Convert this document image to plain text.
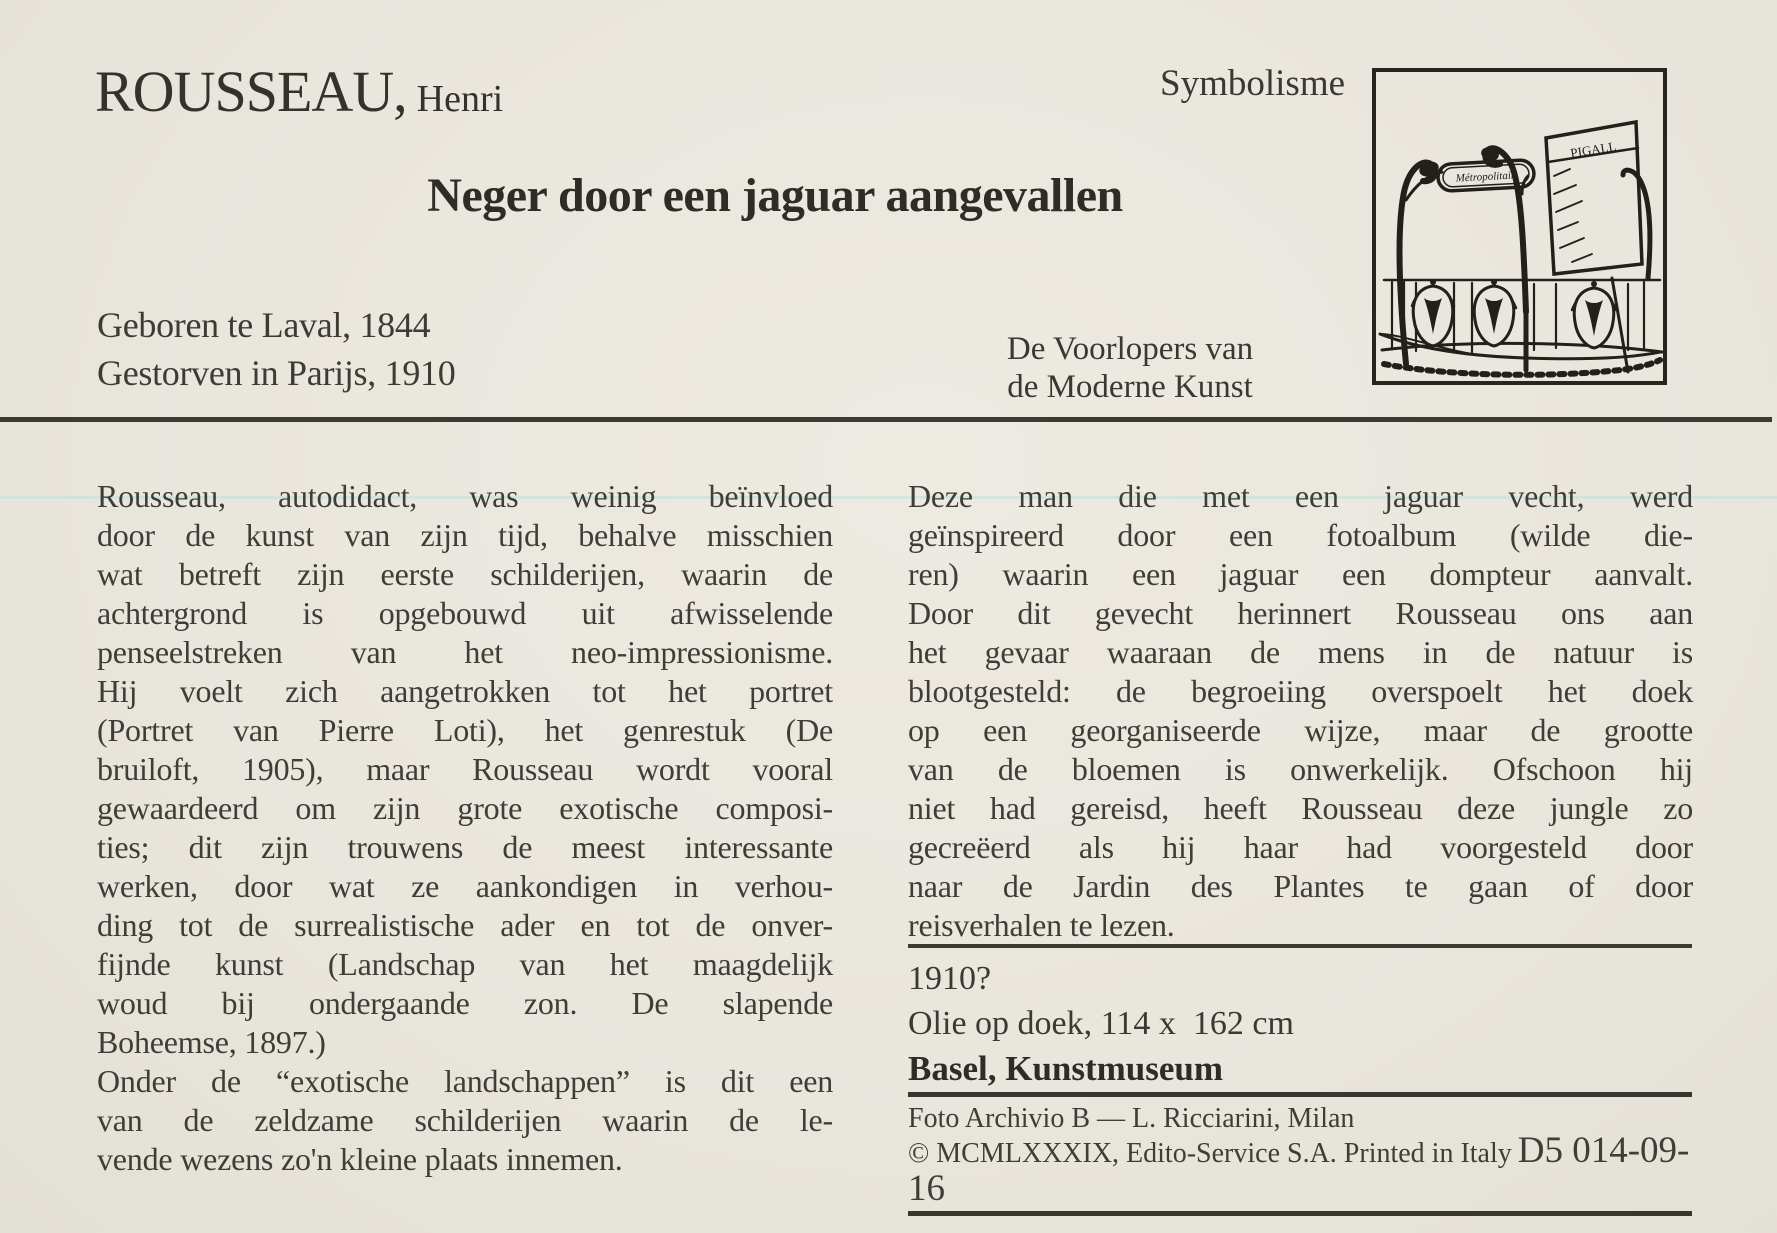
ROUSSEAU, Henri	Symbolisme
Métropolitain
PIGALL
Neger door een jaguar aangevallen
Geboren te Laval, 1844
Gestorven in Parijs, 1910
De Voorlopers van
de Moderne Kunst
Rousseau, autodidact, was weinig beïnvloed
door de kunst van zijn tijd, behalve misschien
wat betreft zijn eerste schilderijen, waarin de
achtergrond is opgebouwd uit afwisselende
penseelstreken van het neo-impressionisme.
Hij voelt zich aangetrokken tot het portret
(Portret van Pierre Loti), het genrestuk (De
bruiloft, 1905), maar Rousseau wordt vooral
gewaardeerd om zijn grote exotische composi-
ties; dit zijn trouwens de meest interessante
werken, door wat ze aankondigen in verhou-
ding tot de surrealistische ader en tot de onver-
fijnde kunst (Landschap van het maagdelijk
woud bij ondergaande zon. De slapende
Boheemse, 1897.)
Onder de “exotische landschappen” is dit een
van de zeldzame schilderijen waarin de le-
vende wezens zo'n kleine plaats innemen.
Deze man die met een jaguar vecht, werd
geïnspireerd door een fotoalbum (wilde die-
ren) waarin een jaguar een dompteur aanvalt.
Door dit gevecht herinnert Rousseau ons aan
het gevaar waaraan de mens in de natuur is
blootgesteld: de begroeiing overspoelt het doek
op een georganiseerde wijze, maar de grootte
van de bloemen is onwerkelijk. Ofschoon hij
niet had gereisd, heeft Rousseau deze jungle zo
gecreëerd als hij haar had voorgesteld door
naar de Jardin des Plantes te gaan of door
reisverhalen te lezen.
1910?
Olie op doek, 114 x  162 cm
Basel, Kunstmuseum
Foto Archivio B — L. Ricciarini, Milan
© MCMLXXXIX, Edito-Service S.A. Printed in Italy D5 014-09-16
